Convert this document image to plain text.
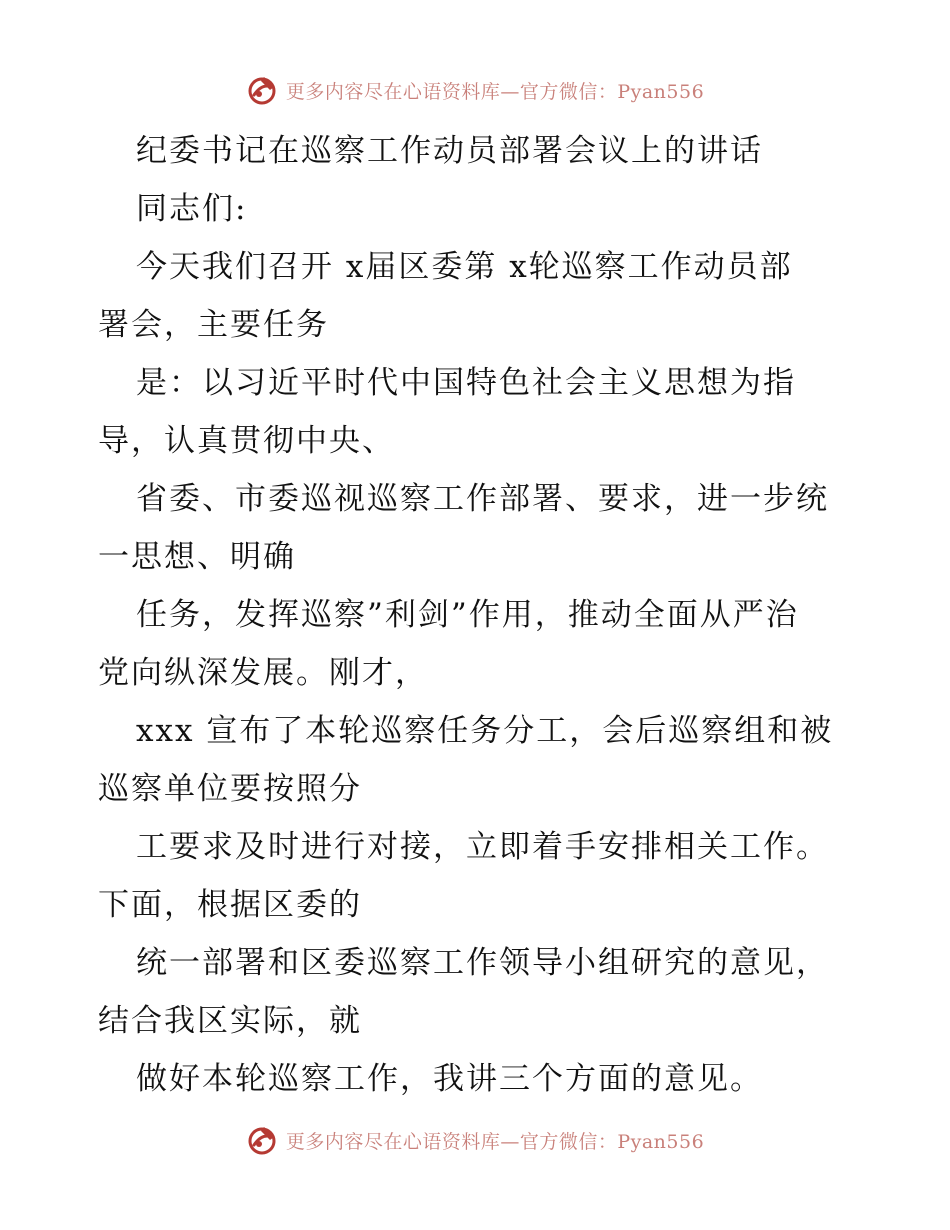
更多内容尽在心语资料库—官方微信：Pyan556
纪委书记在巡察工作动员部署会议上的讲话
同志们:
今天我们召开 x届区委第 x轮巡察工作动员部
署会，主要任务
是：以习近平时代中国特色社会主义思想为指
导，认真贯彻中央、
省委、市委巡视巡察工作部署、要求，进一步统
一思想、明确
任务，发挥巡察”利剑”作用，推动全面从严治
党向纵深发展。刚才，
xxx 宣布了本轮巡察任务分工，会后巡察组和被
巡察单位要按照分
工要求及时进行对接，立即着手安排相关工作。
下面，根据区委的
统一部署和区委巡察工作领导小组研究的意见，
结合我区实际，就
做好本轮巡察工作，我讲三个方面的意见。
更多内容尽在心语资料库—官方微信：Pyan556
